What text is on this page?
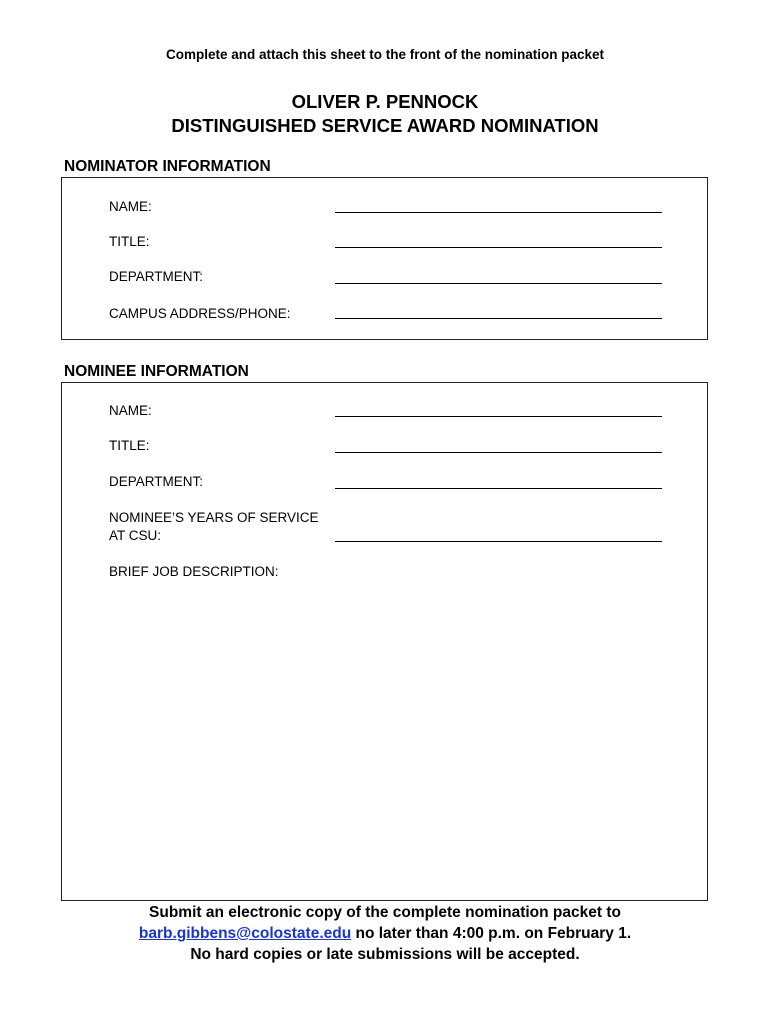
Complete and attach this sheet to the front of the nomination packet
OLIVER P. PENNOCK
DISTINGUISHED SERVICE AWARD NOMINATION
NOMINATOR INFORMATION
NAME:
TITLE:
DEPARTMENT:
CAMPUS ADDRESS/PHONE:
NOMINEE INFORMATION
NAME:
TITLE:
DEPARTMENT:
NOMINEE’S YEARS OF SERVICE
AT CSU:
BRIEF JOB DESCRIPTION:
Submit an electronic copy of the complete nomination packet to
barb.gibbens@colostate.edu no later than 4:00 p.m. on February 1.
No hard copies or late submissions will be accepted.
